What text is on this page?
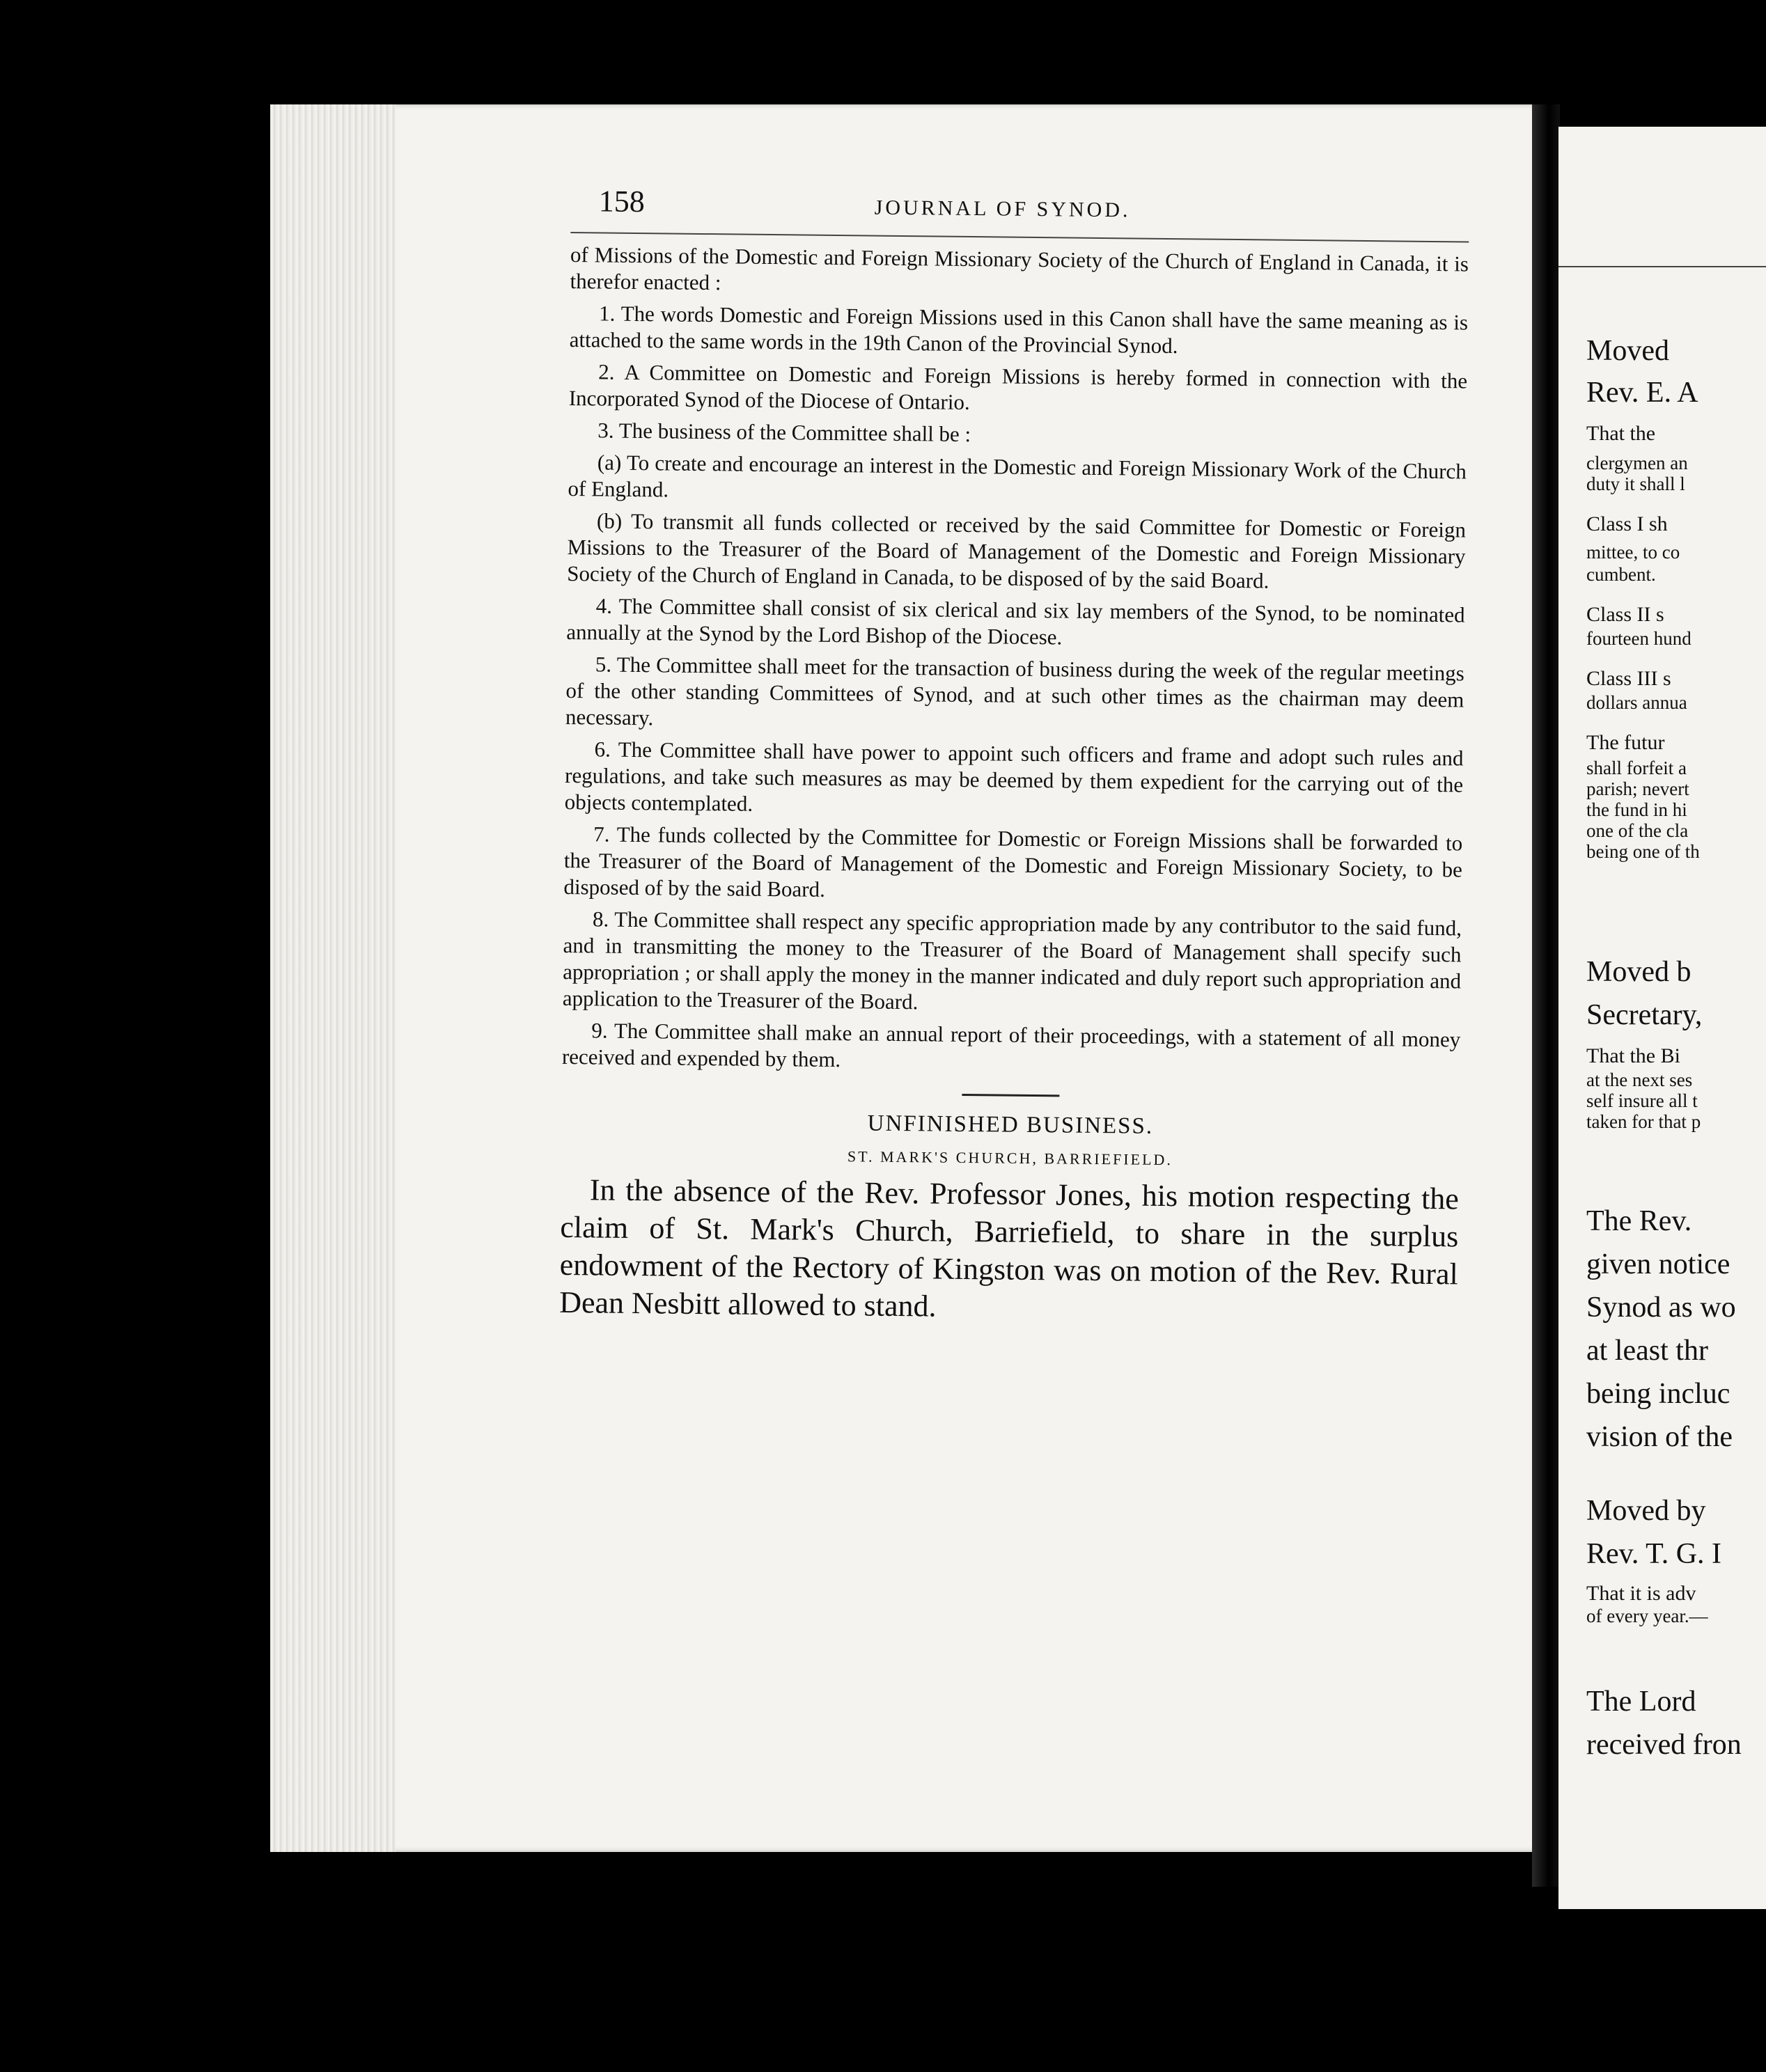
Moved
Rev. E. A
That the
clergymen an
duty it shall l
Class I sh
mittee, to co
cumbent.
Class II s
fourteen hund
Class III s
dollars annua
The futur
shall forfeit a
parish; nevert
the fund in hi
one of the cla
being one of th
Moved b
Secretary,
That the Bi
at the next ses
self insure all t
taken for that p
The Rev.
given notice
Synod as wo
at least thr
being incluc
vision of the
Moved by
Rev. T. G. I
That it is adv
of every year.—
The Lord
received fron
158	JOURNAL OF SYNOD.

of Missions of the Domestic and Foreign Missionary Society of the Church of England in Canada, it is therefor enacted :

1. The words Domestic and Foreign Missions used in this Canon shall have the same meaning as is attached to the same words in the 19th Canon of the Provincial Synod.

2. A Committee on Domestic and Foreign Missions is hereby formed in connection with the Incorporated Synod of the Diocese of Ontario.

3. The business of the Committee shall be :

(a) To create and encourage an interest in the Domestic and Foreign Missionary Work of the Church of England.

(b) To transmit all funds collected or received by the said Committee for Domestic or Foreign Missions to the Treasurer of the Board of Management of the Domestic and Foreign Missionary Society of the Church of England in Canada, to be disposed of by the said Board.

4. The Committee shall consist of six clerical and six lay members of the Synod, to be nominated annually at the Synod by the Lord Bishop of the Diocese.

5. The Committee shall meet for the transaction of business during the week of the regular meetings of the other standing Committees of Synod, and at such other times as the chairman may deem necessary.

6. The Committee shall have power to appoint such officers and frame and adopt such rules and regulations, and take such measures as may be deemed by them expedient for the carrying out of the objects contemplated.

7. The funds collected by the Committee for Domestic or Foreign Missions shall be forwarded to the Treasurer of the Board of Management of the Domestic and Foreign Missionary Society, to be disposed of by the said Board.

8. The Committee shall respect any specific appropriation made by any contributor to the said fund, and in transmitting the money to the Treasurer of the Board of Management shall specify such appropriation ; or shall apply the money in the manner indicated and duly report such appropriation and application to the Treasurer of the Board.

9. The Committee shall make an annual report of their proceedings, with a statement of all money received and expended by them.

UNFINISHED BUSINESS.
ST. MARK'S CHURCH, BARRIEFIELD.

In the absence of the Rev. Professor Jones, his motion respecting the claim of St. Mark's Church, Barriefield, to share in the surplus endowment of the Rectory of Kingston was on motion of the Rev. Rural Dean Nesbitt allowed to stand.
